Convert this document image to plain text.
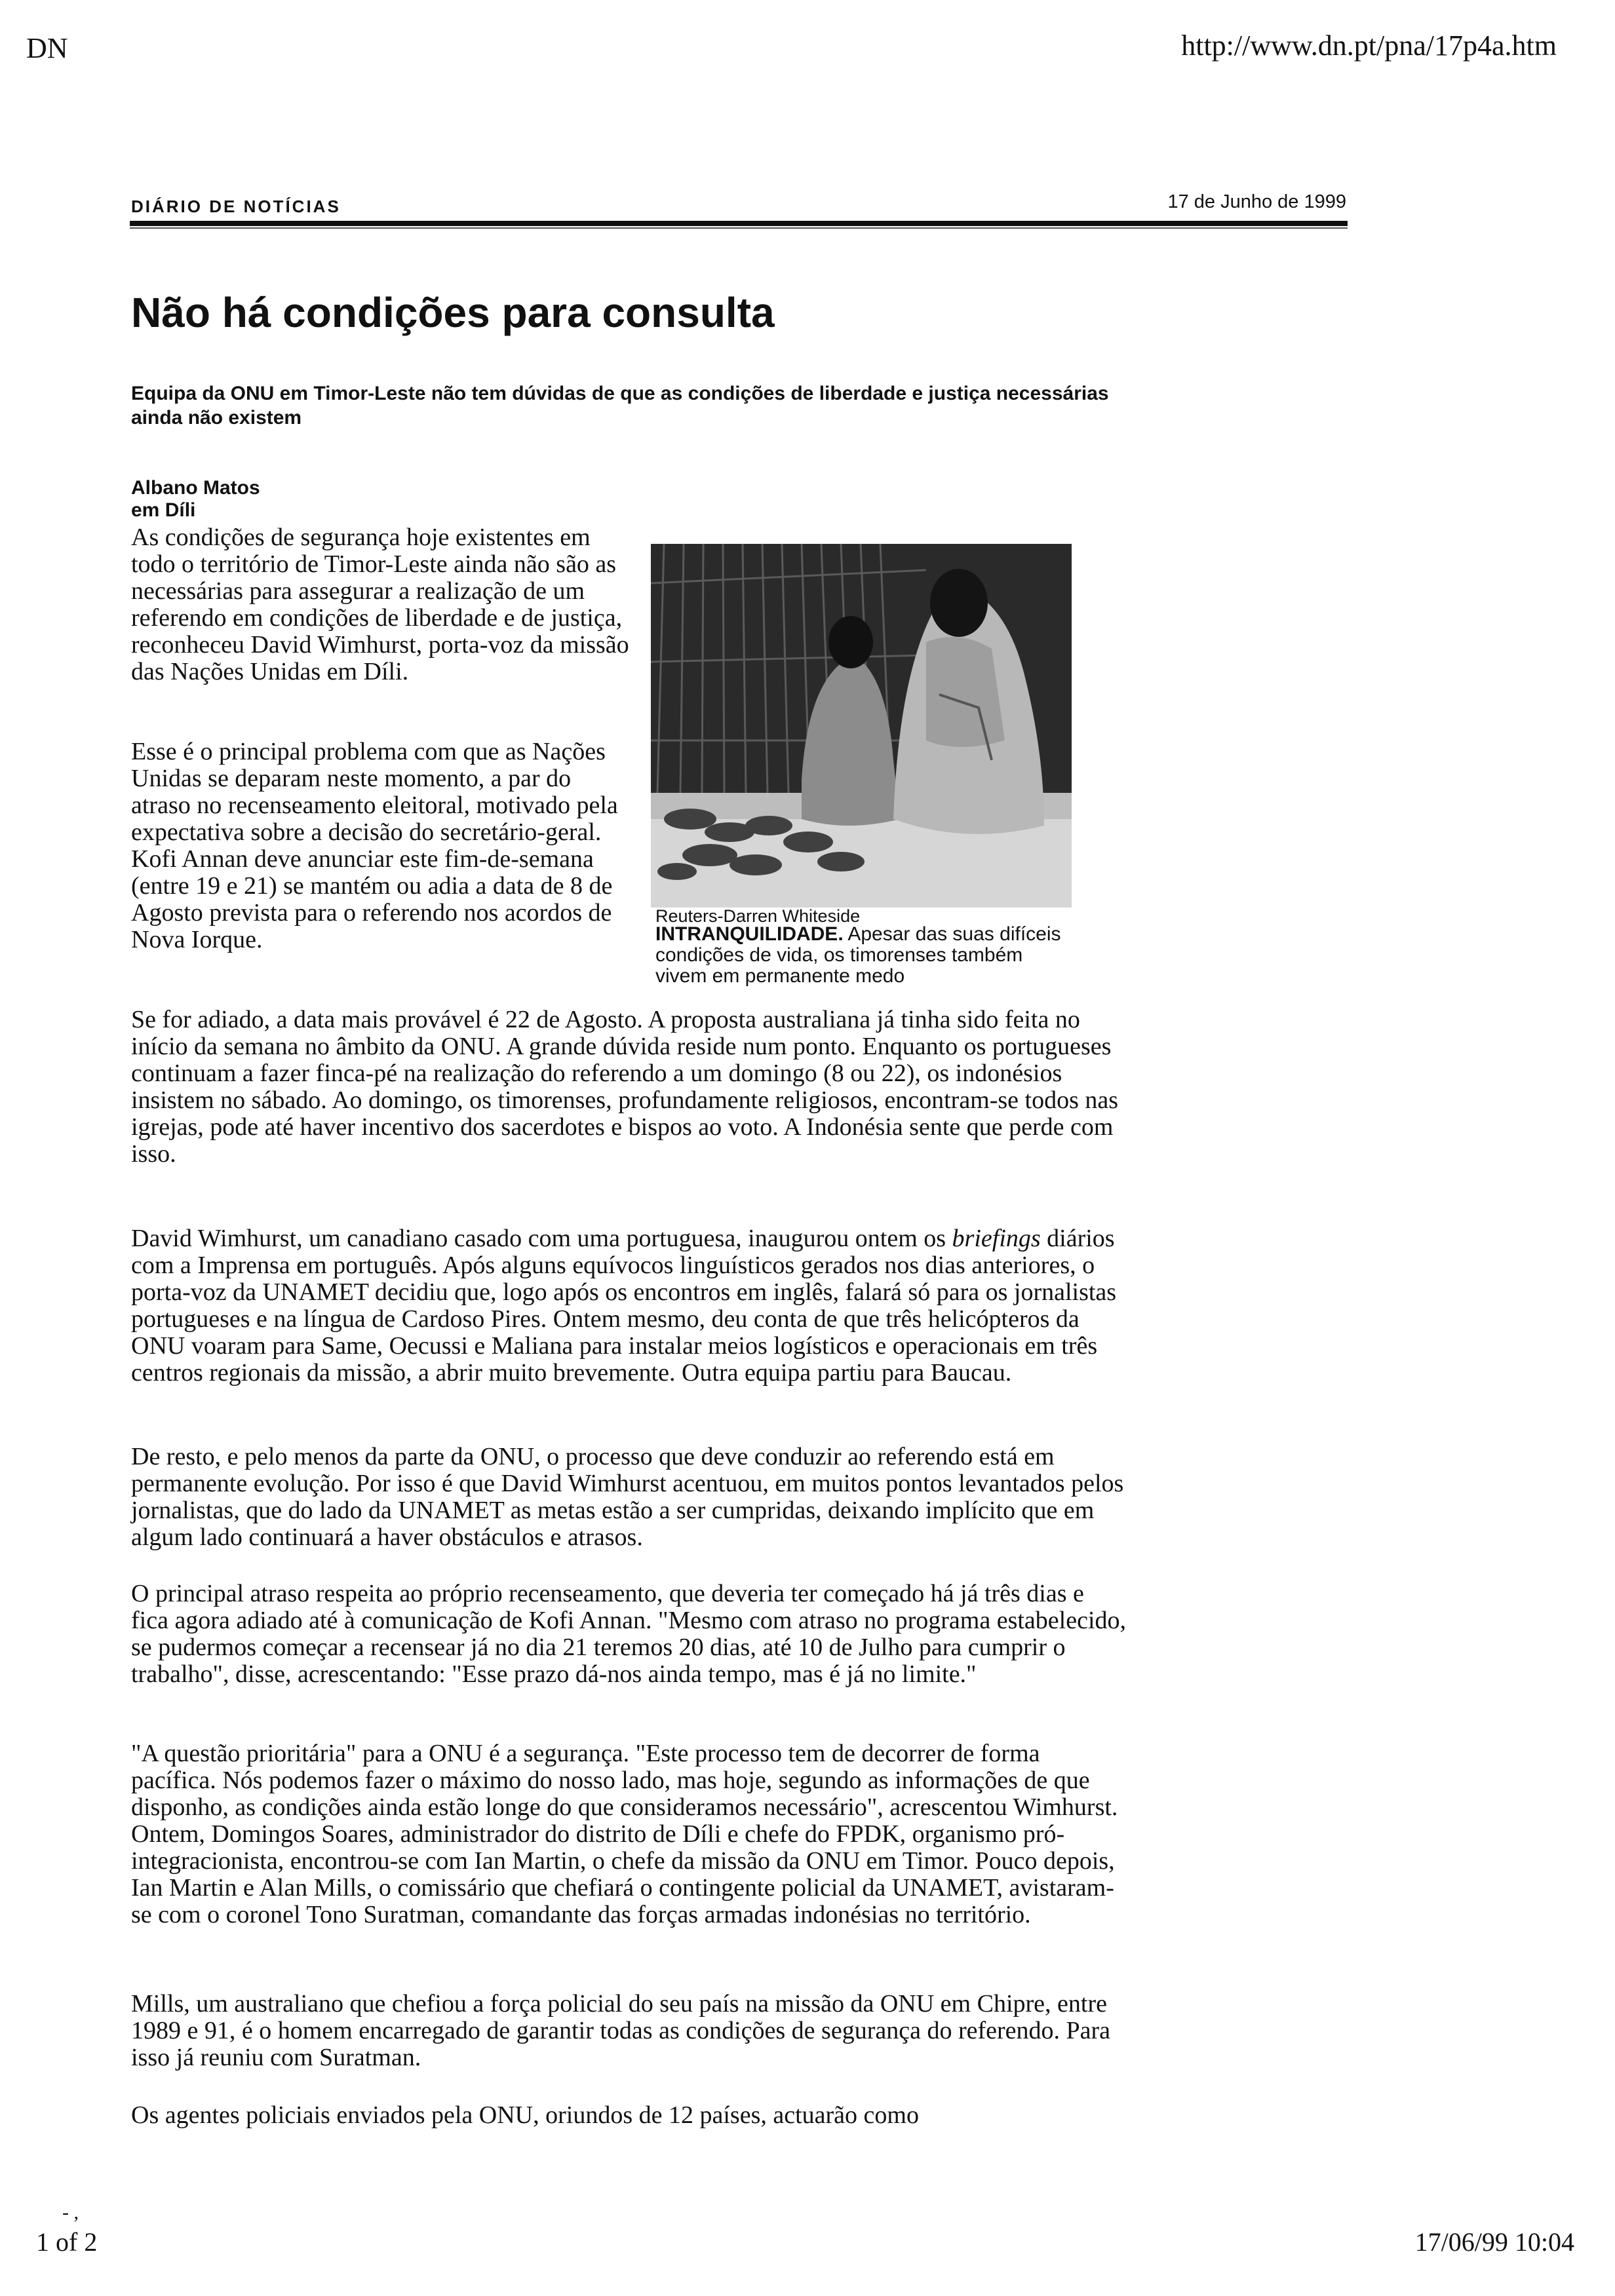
DN	http://www.dn.pt/pna/17p4a.htm
DIÁRIO DE NOTÍCIAS	17 de Junho de 1999
Não há condições para consulta

Equipa da ONU em Timor-Leste não tem dúvidas de que as condições de liberdade e justiça necessárias ainda não existem

Albano Matos
em Díli

As condições de segurança hoje existentes em todo o território de Timor-Leste ainda não são as necessárias para assegurar a realização de um referendo em condições de liberdade e de justiça, reconheceu David Wimhurst, porta-voz da missão das Nações Unidas em Díli.

Esse é o principal problema com que as Nações Unidas se deparam neste momento, a par do atraso no recenseamento eleitoral, motivado pela expectativa sobre a decisão do secretário-geral. Kofi Annan deve anunciar este fim-de-semana (entre 19 e 21) se mantém ou adia a data de 8 de Agosto prevista para o referendo nos acordos de Nova Iorque.

Se for adiado, a data mais provável é 22 de Agosto. A proposta australiana já tinha sido feita no início da semana no âmbito da ONU. A grande dúvida reside num ponto. Enquanto os portugueses continuam a fazer finca-pé na realização do referendo a um domingo (8 ou 22), os indonésios insistem no sábado. Ao domingo, os timorenses, profundamente religiosos, encontram-se todos nas igrejas, pode até haver incentivo dos sacerdotes e bispos ao voto. A Indonésia sente que perde com isso.

David Wimhurst, um canadiano casado com uma portuguesa, inaugurou ontem os briefings diários com a Imprensa em português. Após alguns equívocos linguísticos gerados nos dias anteriores, o porta-voz da UNAMET decidiu que, logo após os encontros em inglês, falará só para os jornalistas portugueses e na língua de Cardoso Pires. Ontem mesmo, deu conta de que três helicópteros da ONU voaram para Same, Oecussi e Maliana para instalar meios logísticos e operacionais em três centros regionais da missão, a abrir muito brevemente. Outra equipa partiu para Baucau.

De resto, e pelo menos da parte da ONU, o processo que deve conduzir ao referendo está em permanente evolução. Por isso é que David Wimhurst acentuou, em muitos pontos levantados pelos jornalistas, que do lado da UNAMET as metas estão a ser cumpridas, deixando implícito que em algum lado continuará a haver obstáculos e atrasos.

O principal atraso respeita ao próprio recenseamento, que deveria ter começado há já três dias e fica agora adiado até à comunicação de Kofi Annan. "Mesmo com atraso no programa estabelecido, se pudermos começar a recensear já no dia 21 teremos 20 dias, até 10 de Julho para cumprir o trabalho", disse, acrescentando: "Esse prazo dá-nos ainda tempo, mas é já no limite."

"A questão prioritária" para a ONU é a segurança. "Este processo tem de decorrer de forma pacífica. Nós podemos fazer o máximo do nosso lado, mas hoje, segundo as informações de que disponho, as condições ainda estão longe do que consideramos necessário", acrescentou Wimhurst. Ontem, Domingos Soares, administrador do distrito de Díli e chefe do FPDK, organismo pró-integracionista, encontrou-se com Ian Martin, o chefe da missão da ONU em Timor. Pouco depois, Ian Martin e Alan Mills, o comissário que chefiará o contingente policial da UNAMET, avistaram-se com o coronel Tono Suratman, comandante das forças armadas indonésias no território.

Mills, um australiano que chefiou a força policial do seu país na missão da ONU em Chipre, entre 1989 e 91, é o homem encarregado de garantir todas as condições de segurança do referendo. Para isso já reuniu com Suratman.

Os agentes policiais enviados pela ONU, oriundos de 12 países, actuarão como

Reuters-Darren Whiteside

INTRANQUILIDADE. Apesar das suas difíceis condições de vida, os timorenses também vivem em permanente medo

- ,
1 of 2	17/06/99 10:04
